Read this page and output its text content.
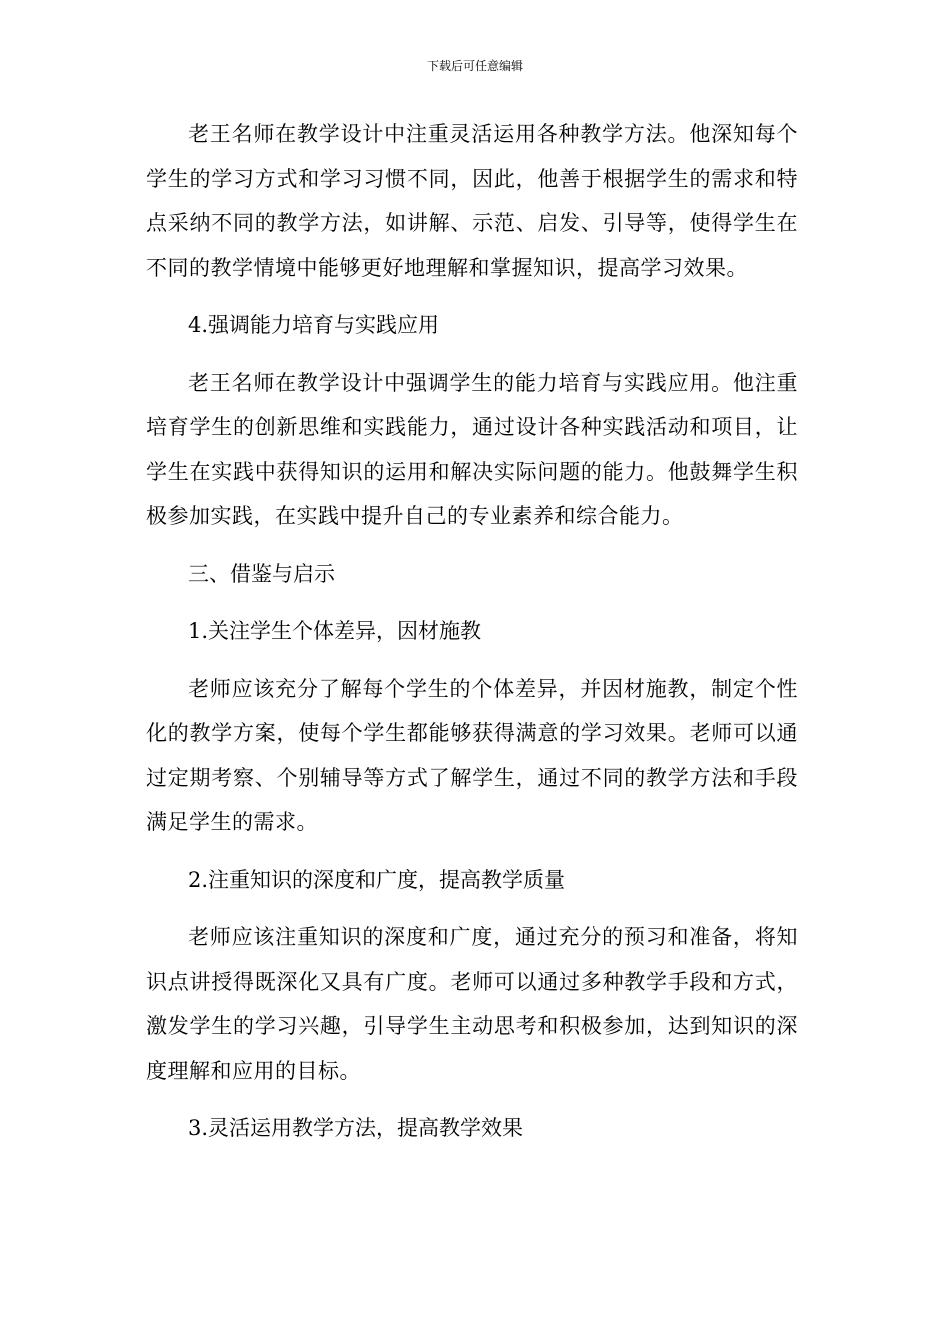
下载后可任意编辑

老王名师在教学设计中注重灵活运用各种教学方法。他深知每个学生的学习方式和学习习惯不同，因此，他善于根据学生的需求和特点采纳不同的教学方法，如讲解、示范、启发、引导等，使得学生在不同的教学情境中能够更好地理解和掌握知识，提高学习效果。

4.强调能力培育与实践应用

老王名师在教学设计中强调学生的能力培育与实践应用。他注重培育学生的创新思维和实践能力，通过设计各种实践活动和项目，让学生在实践中获得知识的运用和解决实际问题的能力。他鼓舞学生积极参加实践，在实践中提升自己的专业素养和综合能力。

三、借鉴与启示

1.关注学生个体差异，因材施教

老师应该充分了解每个学生的个体差异，并因材施教，制定个性化的教学方案，使每个学生都能够获得满意的学习效果。老师可以通过定期考察、个别辅导等方式了解学生，通过不同的教学方法和手段满足学生的需求。

2.注重知识的深度和广度，提高教学质量

老师应该注重知识的深度和广度，通过充分的预习和准备，将知识点讲授得既深化又具有广度。老师可以通过多种教学手段和方式，激发学生的学习兴趣，引导学生主动思考和积极参加，达到知识的深度理解和应用的目标。

3.灵活运用教学方法，提高教学效果
